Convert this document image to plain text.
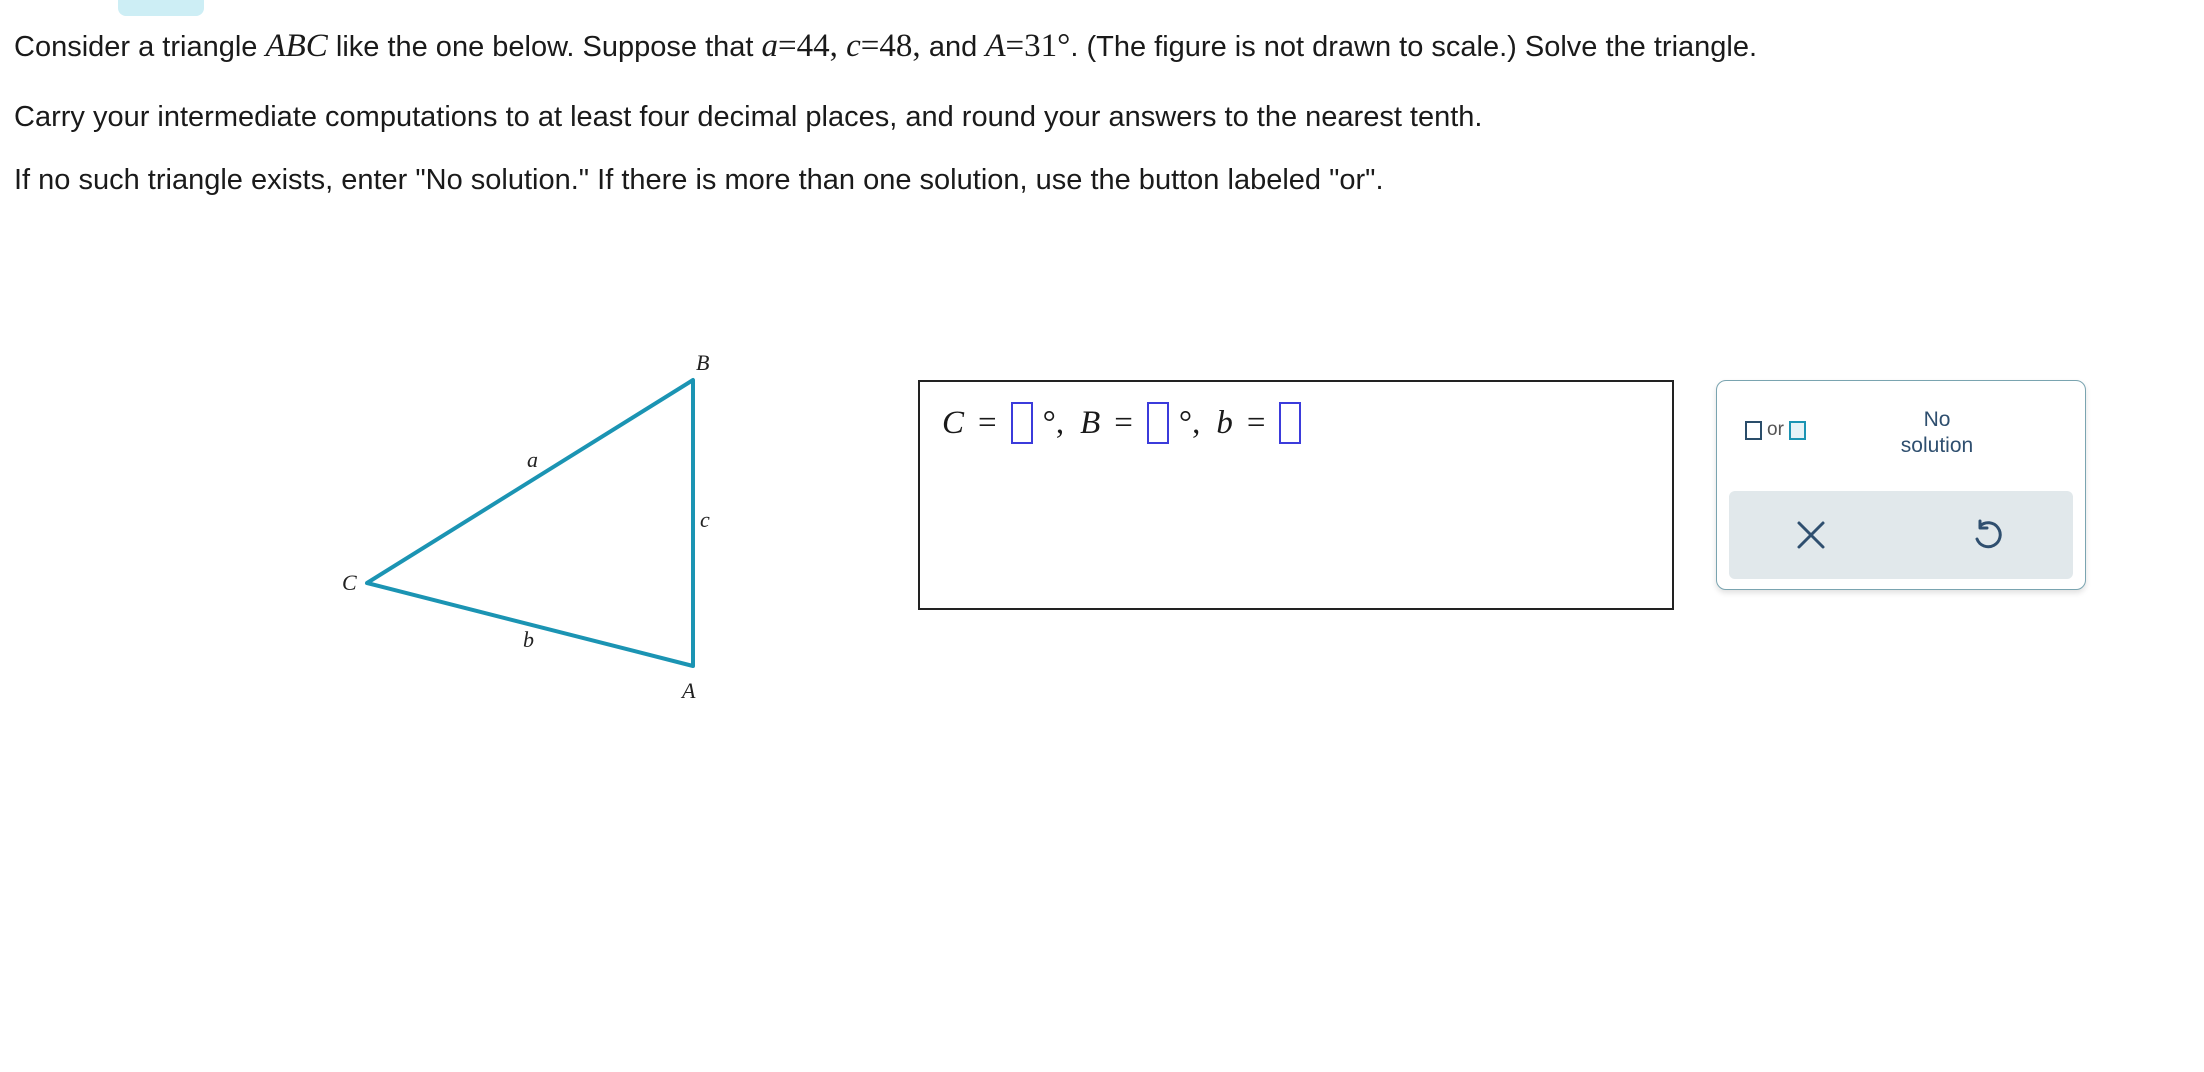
Consider a triangle ABC like the one below. Suppose that a=44, c=48, and A=31°. (The figure is not drawn to scale.) Solve the triangle.
Carry your intermediate computations to at least four decimal places, and round your answers to the nearest tenth.
If no such triangle exists, enter "No solution." If there is more than one solution, use the button labeled "or".
B
C
A
a
b
c
C = ° , B = ° , b =	or	No
solution
